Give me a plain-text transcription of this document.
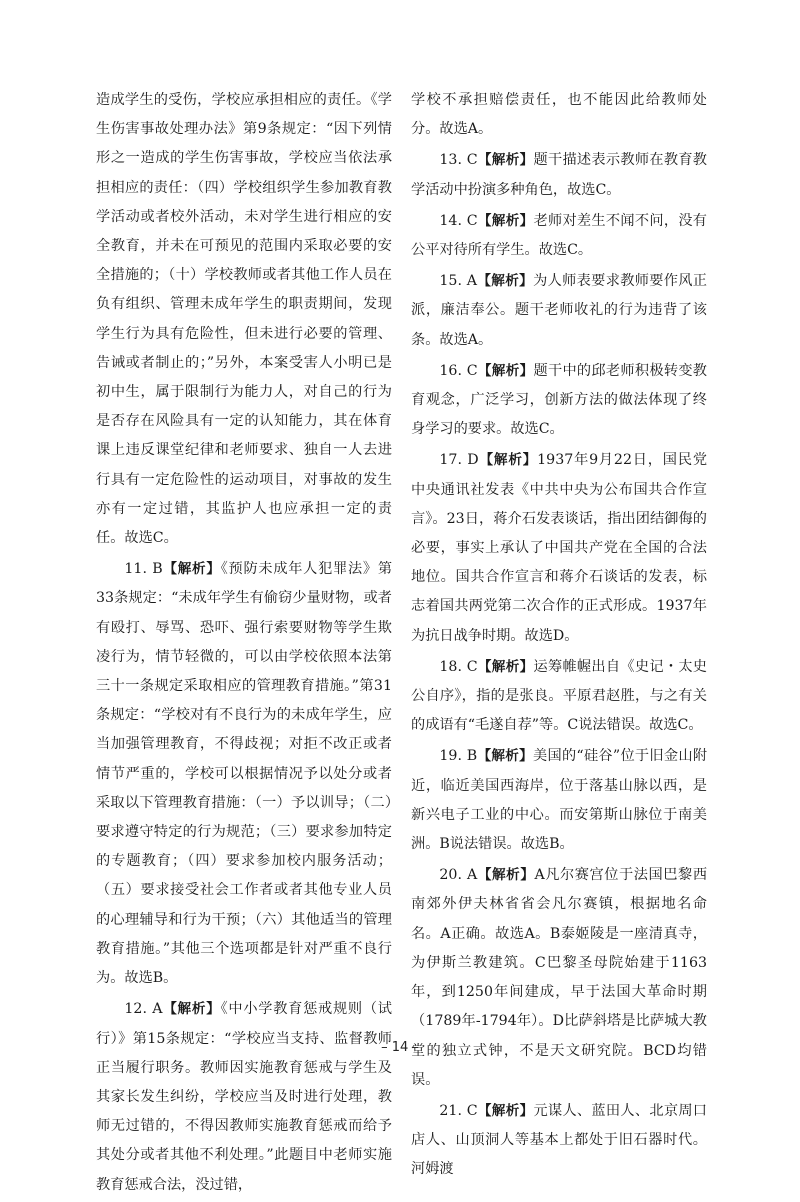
造成学生的受伤，学校应承担相应的责任。《学生伤害事故处理办法》第9条规定：“因下列情形之一造成的学生伤害事故，学校应当依法承担相应的责任：（四）学校组织学生参加教育教学活动或者校外活动，未对学生进行相应的安全教育，并未在可预见的范围内采取必要的安全措施的；（十）学校教师或者其他工作人员在负有组织、管理未成年学生的职责期间，发现学生行为具有危险性，但未进行必要的管理、告诫或者制止的；”另外，本案受害人小明已是初中生，属于限制行为能力人，对自己的行为是否存在风险具有一定的认知能力，其在体育课上违反课堂纪律和老师要求、独自一人去进行具有一定危险性的运动项目，对事故的发生亦有一定过错，其监护人也应承担一定的责任。故选C。

11. B【解析】《预防未成年人犯罪法》第33条规定：“未成年学生有偷窃少量财物，或者有殴打、辱骂、恐吓、强行索要财物等学生欺凌行为，情节轻微的，可以由学校依照本法第三十一条规定采取相应的管理教育措施。”第31条规定：“学校对有不良行为的未成年学生，应当加强管理教育，不得歧视；对拒不改正或者情节严重的，学校可以根据情况予以处分或者采取以下管理教育措施：（一）予以训导；（二）要求遵守特定的行为规范；（三）要求参加特定的专题教育；（四）要求参加校内服务活动；（五）要求接受社会工作者或者其他专业人员的心理辅导和行为干预；（六）其他适当的管理教育措施。”其他三个选项都是针对严重不良行为。故选B。

12. A【解析】《中小学教育惩戒规则（试行）》第15条规定：“学校应当支持、监督教师正当履行职务。教师因实施教育惩戒与学生及其家长发生纠纷，学校应当及时进行处理，教师无过错的，不得因教师实施教育惩戒而给予其处分或者其他不利处理。”此题目中老师实施教育惩戒合法，没过错，

学校不承担赔偿责任，也不能因此给教师处分。故选A。

13. C【解析】题干描述表示教师在教育教学活动中扮演多种角色，故选C。

14. C【解析】老师对差生不闻不问，没有公平对待所有学生。故选C。

15. A【解析】为人师表要求教师要作风正派，廉洁奉公。题干老师收礼的行为违背了该条。故选A。

16. C【解析】题干中的邱老师积极转变教育观念，广泛学习，创新方法的做法体现了终身学习的要求。故选C。

17. D【解析】1937年9月22日，国民党中央通讯社发表《中共中央为公布国共合作宣言》。23日，蒋介石发表谈话，指出团结御侮的必要，事实上承认了中国共产党在全国的合法地位。国共合作宣言和蒋介石谈话的发表，标志着国共两党第二次合作的正式形成。1937年为抗日战争时期。故选D。

18. C【解析】运筹帷幄出自《史记・太史公自序》，指的是张良。平原君赵胜，与之有关的成语有“毛遂自荐”等。C说法错误。故选C。

19. B【解析】美国的“硅谷”位于旧金山附近，临近美国西海岸，位于落基山脉以西，是新兴电子工业的中心。而安第斯山脉位于南美洲。B说法错误。故选B。

20. A【解析】A凡尔赛宫位于法国巴黎西南郊外伊夫林省省会凡尔赛镇，根据地名命名。A正确。故选A。B泰姬陵是一座清真寺，为伊斯兰教建筑。C巴黎圣母院始建于1163年，到1250年间建成，早于法国大革命时期（1789年-1794年）。D比萨斜塔是比萨城大教堂的独立式钟，不是天文研究院。BCD均错误。

21. C【解析】元谋人、蓝田人、北京周口店人、山顶洞人等基本上都处于旧石器时代。河姆渡

– 14 –
